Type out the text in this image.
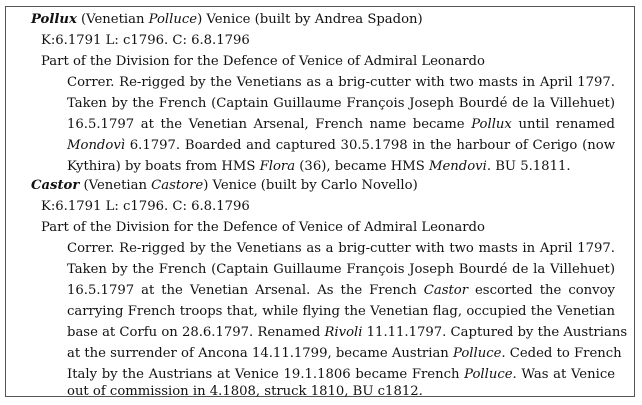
Pollux (Venetian Polluce) Venice (built by Andrea Spadon)
K:6.1791 L: c1796. C: 6.8.1796
Part of the Division for the Defence of Venice of Admiral Leonardo
Correr. Re-rigged by the Venetians as a brig-cutter with two masts in April 1797.
Taken by the French (Captain Guillaume François Joseph Bourdé de la Villehuet)
16.5.1797 at the Venetian Arsenal, French name became Pollux until renamed
Mondovì 6.1797. Boarded and captured 30.5.1798 in the harbour of Cerigo (now
Kythira) by boats from HMS Flora (36), became HMS Mendovi. BU 5.1811.
Castor (Venetian Castore) Venice (built by Carlo Novello)
K:6.1791 L: c1796. C: 6.8.1796
Part of the Division for the Defence of Venice of Admiral Leonardo
Correr. Re-rigged by the Venetians as a brig-cutter with two masts in April 1797.
Taken by the French (Captain Guillaume François Joseph Bourdé de la Villehuet)
16.5.1797 at the Venetian Arsenal. As the French Castor escorted the convoy
carrying French troops that, while flying the Venetian flag, occupied the Venetian
base at Corfu on 28.6.1797. Renamed Rivoli 11.11.1797. Captured by the Austrians
at the surrender of Ancona 14.11.1799, became Austrian Polluce. Ceded to French
Italy by the Austrians at Venice 19.1.1806 became French Polluce. Was at Venice
out of commission in 4.1808, struck 1810, BU c1812.
